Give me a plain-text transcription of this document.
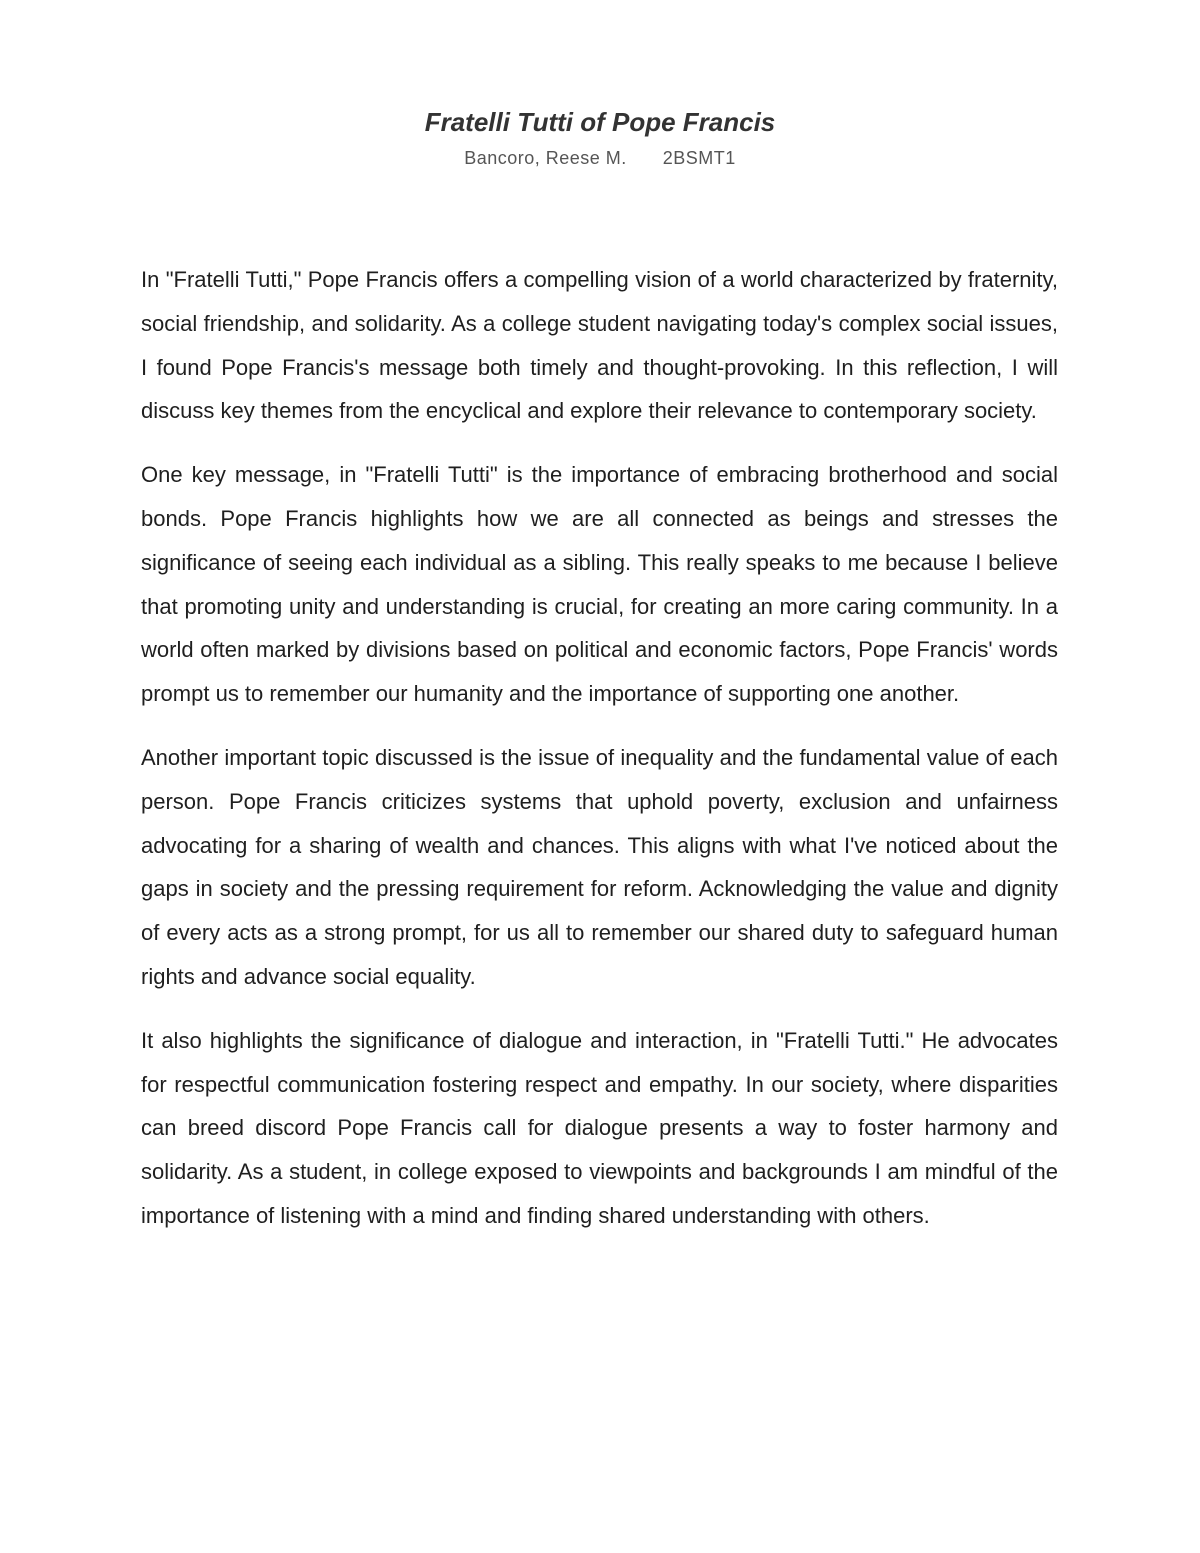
Fratelli Tutti of Pope Francis
Bancoro, Reese M. 2BSMT1

In "Fratelli Tutti," Pope Francis offers a compelling vision of a world characterized by fraternity, social friendship, and solidarity. As a college student navigating today's complex social issues, I found Pope Francis's message both timely and thought-provoking. In this reflection, I will discuss key themes from the encyclical and explore their relevance to contemporary society.

One key message, in "Fratelli Tutti" is the importance of embracing brotherhood and social bonds. Pope Francis highlights how we are all connected as beings and stresses the significance of seeing each individual as a sibling. This really speaks to me because I believe that promoting unity and understanding is crucial, for creating an more caring community. In a world often marked by divisions based on political and economic factors, Pope Francis' words prompt us to remember our humanity and the importance of supporting one another.

Another important topic discussed is the issue of inequality and the fundamental value of each person. Pope Francis criticizes systems that uphold poverty, exclusion and unfairness advocating for a sharing of wealth and chances. This aligns with what I've noticed about the gaps in society and the pressing requirement for reform. Acknowledging the value and dignity of every acts as a strong prompt, for us all to remember our shared duty to safeguard human rights and advance social equality.

It also highlights the significance of dialogue and interaction, in "Fratelli Tutti." He advocates for respectful communication fostering respect and empathy. In our society, where disparities can breed discord Pope Francis call for dialogue presents a way to foster harmony and solidarity. As a student, in college exposed to viewpoints and backgrounds I am mindful of the importance of listening with a mind and finding shared understanding with others.
